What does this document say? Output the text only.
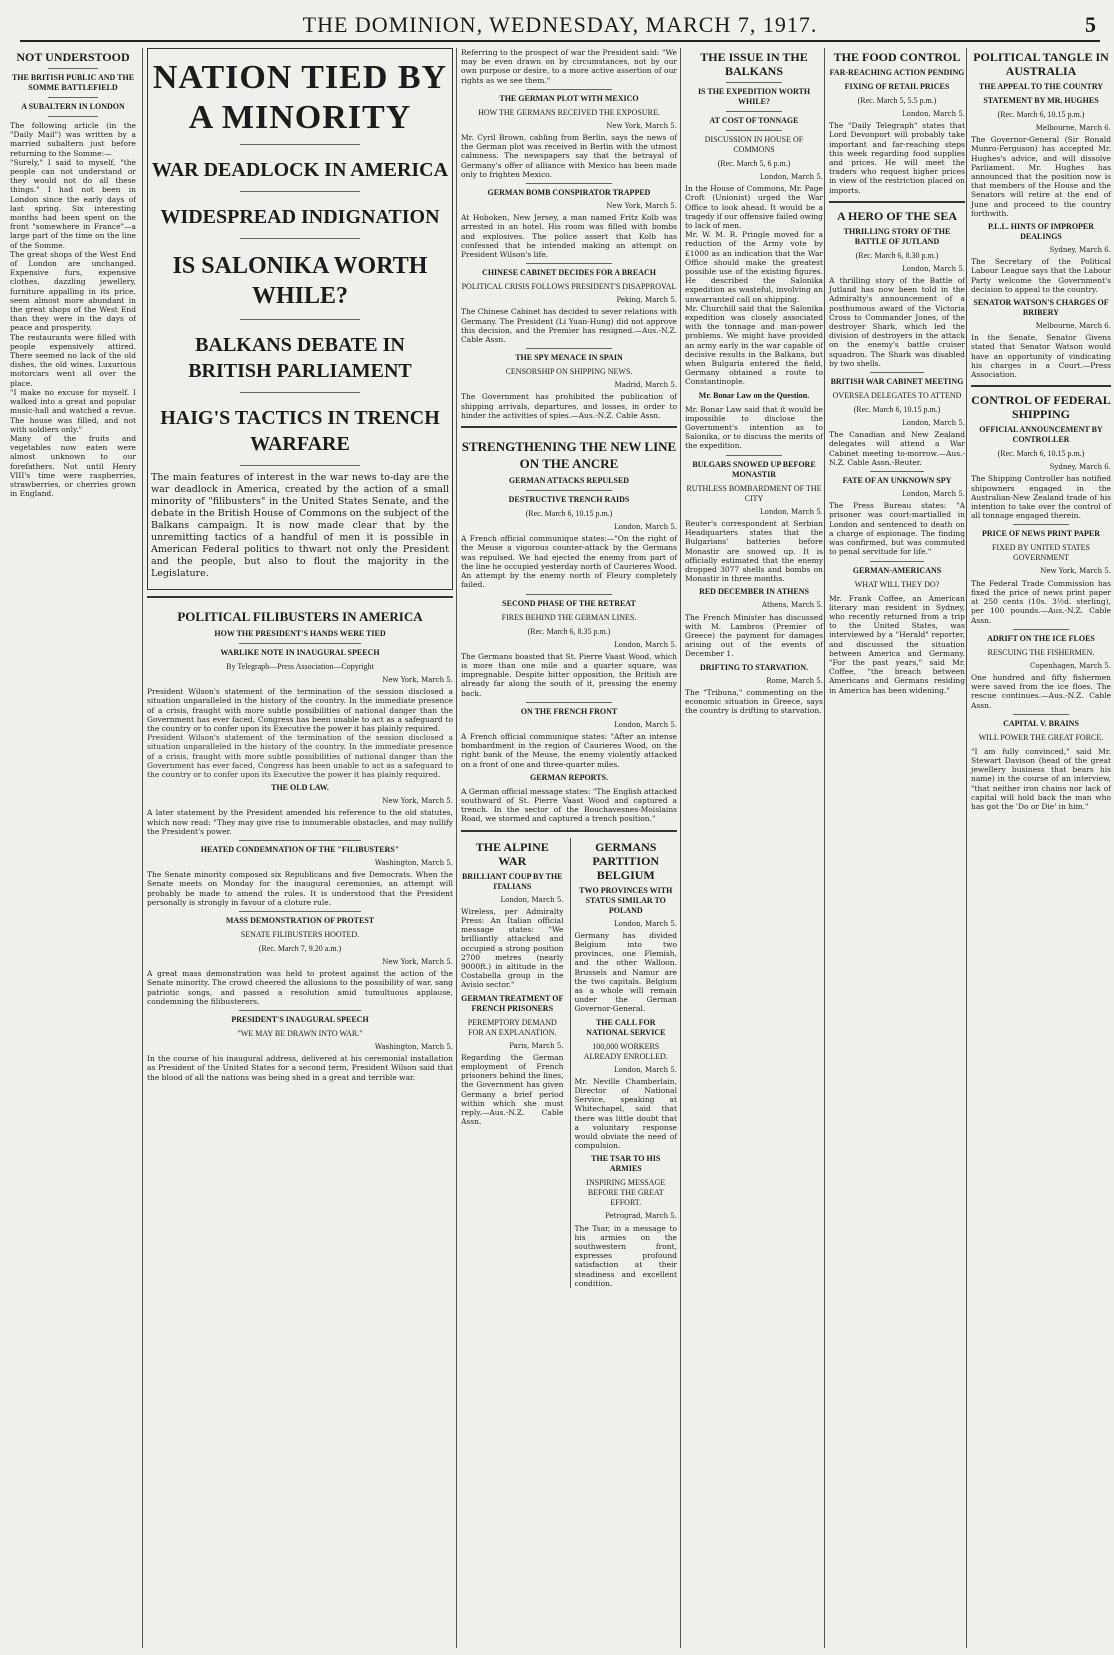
THE DOMINION, WEDNESDAY, MARCH 7, 1917.	5
NOT UNDERSTOOD
THE BRITISH PUBLIC AND THE SOMME BATTLEFIELD
A SUBALTERN IN LONDON

The following article (in the "Daily Mail") was written by a married subaltern just before returning to the Somme:—

"Surely," I said to myself, "the people can not understand or they would not do all these things." I had not been in London since the early days of last spring. Six interesting months had been spent on the front "somewhere in France"—a large part of the time on the line of the Somme.

The great shops of the West End of London are unchanged. Expensive furs, expensive clothes, dazzling jewellery, furniture appalling in its price, seem almost more abundant in the great shops of the West End than they were in the days of peace and prosperity.

The restaurants were filled with people expensively attired. There seemed no lack of the old dishes, the old wines. Luxurious motorcars went all over the place.

"I make no excuse for myself. I walked into a great and popular music-hall and watched a revue. The house was filled, and not with soldiers only."

Many of the fruits and vegetables now eaten were almost unknown to our forefathers. Not until Henry VIII's time were raspberries, strawberries, or cherries grown in England.

NATION TIED BY A MINORITY
WAR DEADLOCK IN AMERICA
WIDESPREAD INDIGNATION
IS SALONIKA WORTH WHILE?
BALKANS DEBATE IN BRITISH PARLIAMENT
HAIG'S TACTICS IN TRENCH WARFARE

The main features of interest in the war news to-day are the war deadlock in America, created by the action of a small minority of "filibusters" in the United States Senate, and the debate in the British House of Commons on the subject of the Balkans campaign. It is now made clear that by the unremitting tactics of a handful of men it is possible in American Federal politics to thwart not only the President and the people, but also to flout the majority in the Legislature.

POLITICAL FILIBUSTERS IN AMERICA
HOW THE PRESIDENT'S HANDS WERE TIED
WARLIKE NOTE IN INAUGURAL SPEECH
By Telegraph—Press Association—Copyright
New York, March 5.

President Wilson's statement of the termination of the session disclosed a situation unparalleled in the history of the country. In the immediate presence of a crisis, fraught with more subtle possibilities of national danger than the Government has ever faced, Congress has been unable to act as a safeguard to the country or to confer upon its Executive the power it has plainly required.

President Wilson's statement of the termination of the session disclosed a situation unparalleled in the history of the country. In the immediate presence of a crisis, fraught with more subtle possibilities of national danger than the Government has ever faced, Congress has been unable to act as a safeguard to the country or to confer upon its Executive the power it has plainly required.

THE OLD LAW.
New York, March 5.

A later statement by the President amended his reference to the old statutes, which now read: "They may give rise to innumerable obstacles, and may nullify the President's power.

HEATED CONDEMNATION OF THE "FILIBUSTERS"
Washington, March 5.

The Senate minority composed six Republicans and five Democrats. When the Senate meets on Monday for the inaugural ceremonies, an attempt will probably be made to amend the rules. It is understood that the President personally is strongly in favour of a cloture rule.

MASS DEMONSTRATION OF PROTEST
SENATE FILIBUSTERS HOOTED.
(Rec. March 7, 9.20 a.m.)
New York, March 5.

A great mass demonstration was held to protest against the action of the Senate minority. The crowd cheered the allusions to the possibility of war, sang patriotic songs, and passed a resolution amid tumultuous applause, condemning the filibusterers.

PRESIDENT'S INAUGURAL SPEECH
"WE MAY BE DRAWN INTO WAR."
Washington, March 5.

In the course of his inaugural address, delivered at his ceremonial installation as President of the United States for a second term, President Wilson said that the blood of all the nations was being shed in a great and terrible war.

Referring to the prospect of war the President said: "We may be even drawn on by circumstances, not by our own purpose or desire, to a more active assertion of our rights as we see them."

THE GERMAN PLOT WITH MEXICO
HOW THE GERMANS RECEIVED THE EXPOSURE.
New York, March 5.

Mr. Cyril Brown, cabling from Berlin, says the news of the German plot was received in Berlin with the utmost calmness. The newspapers say that the betrayal of Germany's offer of alliance with Mexico has been made only to frighten Mexico.

GERMAN BOMB CONSPIRATOR TRAPPED
New York, March 5.

At Hoboken, New Jersey, a man named Fritz Kolb was arrested in an hotel. His room was filled with bombs and explosives. The police assert that Kolb has confessed that he intended making an attempt on President Wilson's life.

CHINESE CABINET DECIDES FOR A BREACH
POLITICAL CRISIS FOLLOWS PRESIDENT'S DISAPPROVAL
Peking, March 5.

The Chinese Cabinet has decided to sever relations with Germany. The President (Li Yuan-Hung) did not approve this decision, and the Premier has resigned.—Aus.-N.Z. Cable Assn.

THE SPY MENACE IN SPAIN
CENSORSHIP ON SHIPPING NEWS.
Madrid, March 5.

The Government has prohibited the publication of shipping arrivals, departures, and losses, in order to hinder the activities of spies.—Aus.-N.Z. Cable Assn.

STRENGTHENING THE NEW LINE ON THE ANCRE
GERMAN ATTACKS REPULSED
DESTRUCTIVE TRENCH RAIDS
(Rec. March 6, 10.15 p.m.)
London, March 5.

A French official communique states:—"On the right of the Meuse a vigorous counter-attack by the Germans was repulsed. We had ejected the enemy from part of the line he occupied yesterday north of Caurieres Wood. An attempt by the enemy north of Fleury completely failed.

SECOND PHASE OF THE RETREAT
FIRES BEHIND THE GERMAN LINES.
(Rec. March 6, 8.35 p.m.)
London, March 5.

The Germans boasted that St. Pierre Vaast Wood, which is more than one mile and a quarter square, was impregnable. Despite bitter opposition, the British are already far along the south of it, pressing the enemy back.

ON THE FRENCH FRONT
London, March 5.

A French official communique states: "After an intense bombardment in the region of Caurieres Wood, on the right bank of the Meuse, the enemy violently attacked on a front of one and three-quarter miles.

GERMAN REPORTS.

A German official message states: "The English attacked southward of St. Pierre Vaast Wood and captured a trench. In the sector of the Bouchavesnes-Moislains Road, we stormed and captured a trench position."

THE ALPINE WAR
BRILLIANT COUP BY THE ITALIANS
London, March 5.

Wireless, per Admiralty Press: An Italian official message states: "We brilliantly attacked and occupied a strong position 2700 metres (nearly 9000ft.) in altitude in the Costabella group in the Avisio sector."

GERMAN TREATMENT OF FRENCH PRISONERS
PEREMPTORY DEMAND FOR AN EXPLANATION.
Paris, March 5.

Regarding the German employment of French prisoners behind the lines, the Government has given Germany a brief period within which she must reply.—Aus.-N.Z. Cable Assn.

GERMANS PARTITION BELGIUM
TWO PROVINCES WITH STATUS SIMILAR TO POLAND
London, March 5.

Germany has divided Belgium into two provinces, one Flemish, and the other Walloon. Brussels and Namur are the two capitals. Belgium as a whole will remain under the German Governor-General.

THE CALL FOR NATIONAL SERVICE
100,000 WORKERS ALREADY ENROLLED.
London, March 5.

Mr. Neville Chamberlain, Director of National Service, speaking at Whitechapel, said that there was little doubt that a voluntary response would obviate the need of compulsion.

THE TSAR TO HIS ARMIES
INSPIRING MESSAGE BEFORE THE GREAT EFFORT.
Petrograd, March 5.

The Tsar, in a message to his armies on the southwestern front, expresses profound satisfaction at their steadiness and excellent condition.

THE ISSUE IN THE BALKANS
IS THE EXPEDITION WORTH WHILE?
AT COST OF TONNAGE
DISCUSSION IN HOUSE OF COMMONS
(Rec. March 5, 6 p.m.)
London, March 5.

In the House of Commons, Mr. Page Croft (Unionist) urged the War Office to look ahead. It would be a tragedy if our offensive failed owing to lack of men.

Mr. W. M. R. Pringle moved for a reduction of the Army vote by £1000 as an indication that the War Office should make the greatest possible use of the existing figures. He described the Salonika expedition as wasteful, involving an unwarranted call on shipping.

Mr. Churchill said that the Salonika expedition was closely associated with the tonnage and man-power problems. We might have provided an army early in the war capable of decisive results in the Balkans, but when Bulgaria entered the field, Germany obtained a route to Constantinople.

Mr. Bonar Law on the Question.

Mr. Bonar Law said that it would be impossible to disclose the Government's intention as to Salonika, or to discuss the merits of the expedition.

BULGARS SNOWED UP BEFORE MONASTIR
RUTHLESS BOMBARDMENT OF THE CITY
London, March 5.

Reuter's correspondent at Serbian Headquarters states that the Bulgarians' batteries before Monastir are snowed up. It is officially estimated that the enemy dropped 3077 shells and bombs on Monastir in three months.

RED DECEMBER IN ATHENS
Athens, March 5.

The French Minister has discussed with M. Lambros (Premier of Greece) the payment for damages arising out of the events of December 1.

DRIFTING TO STARVATION.
Rome, March 5.

The "Tribuna," commenting on the economic situation in Greece, says the country is drifting to starvation.

THE FOOD CONTROL
FAR-REACHING ACTION PENDING
FIXING OF RETAIL PRICES
(Rec. March 5, 5.5 p.m.)
London, March 5.

The "Daily Telegraph" states that Lord Devonport will probably take important and far-reaching steps this week regarding food supplies and prices. He will meet the traders who request higher prices in view of the restriction placed on imports.

A HERO OF THE SEA
THRILLING STORY OF THE BATTLE OF JUTLAND
(Rec. March 6, 8.30 p.m.)
London, March 5.

A thrilling story of the Battle of Jutland has now been told in the Admiralty's announcement of a posthumous award of the Victoria Cross to Commander Jones, of the destroyer Shark, which led the division of destroyers in the attack on the enemy's battle cruiser squadron. The Shark was disabled by two shells.

BRITISH WAR CABINET MEETING
OVERSEA DELEGATES TO ATTEND
(Rec. March 6, 10.15 p.m.)
London, March 5.

The Canadian and New Zealand delegates will attend a War Cabinet meeting to-morrow.—Aus.-N.Z. Cable Assn.-Reuter.

FATE OF AN UNKNOWN SPY
London, March 5.

The Press Bureau states: "A prisoner was court-martialled in London and sentenced to death on a charge of espionage. The finding was confirmed, but was commuted to penal servitude for life."

GERMAN-AMERICANS
WHAT WILL THEY DO?

Mr. Frank Coffee, an American literary man resident in Sydney, who recently returned from a trip to the United States, was interviewed by a "Herald" reporter, and discussed the situation between America and Germany. "For the past years," said Mr. Coffee, "the breach between Americans and Germans residing in America has been widening."

POLITICAL TANGLE IN AUSTRALIA
THE APPEAL TO THE COUNTRY
STATEMENT BY MR. HUGHES
(Rec. March 6, 10.15 p.m.)
Melbourne, March 6.

The Governor-General (Sir Ronald Munro-Ferguson) has accepted Mr. Hughes's advice, and will dissolve Parliament. Mr. Hughes has announced that the position now is that members of the House and the Senators will retire at the end of June and proceed to the country forthwith.

P.L.L. HINTS OF IMPROPER DEALINGS
Sydney, March 6.

The Secretary of the Political Labour League says that the Labour Party welcome the Government's decision to appeal to the country.

SENATOR WATSON'S CHARGES OF BRIBERY
Melbourne, March 6.

In the Senate, Senator Givens stated that Senator Watson would have an opportunity of vindicating his charges in a Court.—Press Association.

CONTROL OF FEDERAL SHIPPING
OFFICIAL ANNOUNCEMENT BY CONTROLLER
(Rec. March 6, 10.15 p.m.)
Sydney, March 6.

The Shipping Controller has notified shipowners engaged in the Australian-New Zealand trade of his intention to take over the control of all tonnage engaged therein.

PRICE OF NEWS PRINT PAPER
FIXED BY UNITED STATES GOVERNMENT
New York, March 5.

The Federal Trade Commission has fixed the price of news print paper at 250 cents (10s. 3½d. sterling), per 100 pounds.—Aus.-N.Z. Cable Assn.

ADRIFT ON THE ICE FLOES
RESCUING THE FISHERMEN.
Copenhagen, March 5.

One hundred and fifty fishermen were saved from the ice floes. The rescue continues.—Aus.-N.Z. Cable Assn.

CAPITAL V. BRAINS
WILL POWER THE GREAT FORCE.

"I am fully convinced," said Mr. Stewart Davison (head of the great jewellery business that bears his name) in the course of an interview, "that neither iron chains nor lack of capital will hold back the man who has got the 'Do or Die' in him."
